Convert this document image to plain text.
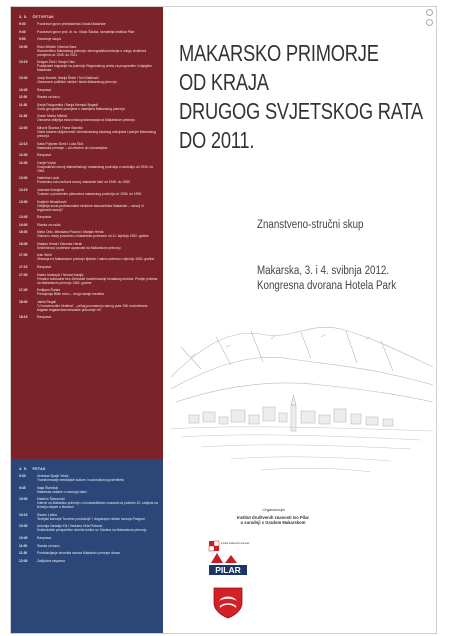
3. 5. ČETVRTAK
9:30	Pozdravni govor predstavnika Grada Makarske
9:40	Pozdravni govor prof. dr. sc. Vlado Šakića, ravnatelja Instituta Pilar
9:50	Otvaranje skupa
10:00	Roko Mišetić i Marina Bara
Stanovništvo Makarskog primorja: demografska kretanja u vrlogu društveni promjena od 1945. do 2011.
10:15	Dragan Živić i Sanja Crkić
Poslijeratni migracije na području Regionalnog ureda za prognanike i izbjeglice Makarska
10:30	Josip Buvalić, Marija Šešić i Toni Bašković
Obrazovne političke uloške i škola Makarskog primorja
10:45	Rasprava
11:00	Stanka za kavu
11:30	Sanja Podgornika i Sanja Klempić Bogadi
Socio-geografske promjene u naselјima Makarskog primorja
11:45	Goran Marko Milešić
Osnovna obilježja ekonomskog stanovanja na Makarskom primorju
12:00	Mihovil Škarica i Frane Staničić
Oblici lokalne uključenosti i demokratskog lokalnog ustrojstva i primjer Makarskog primorja
12:15	Saša Poljanec Borić i Luka Škić
Makarska primorje – od crkvene do rokoarejstva
12:30	Rasprava
12:45	Ozrijel Vojnić
Gospodarski razvoj dalmatinskog i makarskog područja u razdoblju od 1945. do 1962.
13:00	Valentina Lazić
Poratnoko-ruko-kulturni razvoj makarske luke od 1945. do 1980.
13:15	Josenka Kravljević
Turizam u prostornim planovima makarskog područja od 1945. do 1990.
13:30	Kraljimir Benačković
Obilježja socio-profesionalne strukture stanovništva Makarske – razvoj i li regionalni razvoj?
13:45	Rasprava
14:00	Stanka za ručak
16:30	Mirko Orlić, Miroslava Pozurić i Marijan Herak
Odnosi u mavy povrema u makarskim potresom od 11. siječnja 1962. godine
16:45	Marijan Herak i Davorka Herak
Seizmičnost i potresne opasnosti na Makarskom primorju
17:00	Ivan Weld
Zbivanja na Makarskom primorju tijekom i nakon potresa u siječnju 1962. godine
17:15	Rasprava
17:30	Marko Mustapić i Nenad Karajić
Privatne kulturalne bez-Zimbanki modernizacije hrvatskog društva: Primjer potresa na Makarskom primorju 1962. godine
17:45	Emiljano Šunda
Presvjecija Bliže moru – drugo stanje medeka
18:00	Jakša Regali
"U konversodim hiralima" – prilog proznamnju ratnog puta 156. motorizirane brigade brigade/domobranske pukovnije HV
18:15	Rasprava
4. 5. PETAK
9:30	Vedrana Spajić Vrkaš
Transformacije medicijske kulture i sociokulturnog identiteta
9:45	Maja Štambuk
Makarska obilaže u nasvojoj sliaci
10:00	Marinko Šimunović
Interne za Makarsko primorje u humanističkom znanosti od početne 20. stoljeća na temelju objave u literaturi
10:15	Slaven Letica
Teorijski koncept "kontrne produkcije" i dugotrajno rizičan razvoja Podgore
10:30	Antonija Zaradija Kiš i Vedrana Vela Pulharić
Kulturološke perspektive otvorile bolitre sv. Martina na Makarskom primorju
10:45	Rasprava
11:00	Stanka za kavu
11:30	Predstavljanje zbornika radova Makarsko primorje danas
12:00	Zaključna rasprava
MAKARSKO PRIMORJE
OD KRAJA
DRUGOG SVJETSKOG RATA
DO 2011.
Znanstveno-stručni skup
Makarska, 3. i 4. svibnja 2012.
Kongresna dvorana Hotela Park
Organizacija
Institut društvenih znanosti Ivo Pilar
u suradnji s Gradom Makarskom
Institut društvenih znanosti
PILAR
